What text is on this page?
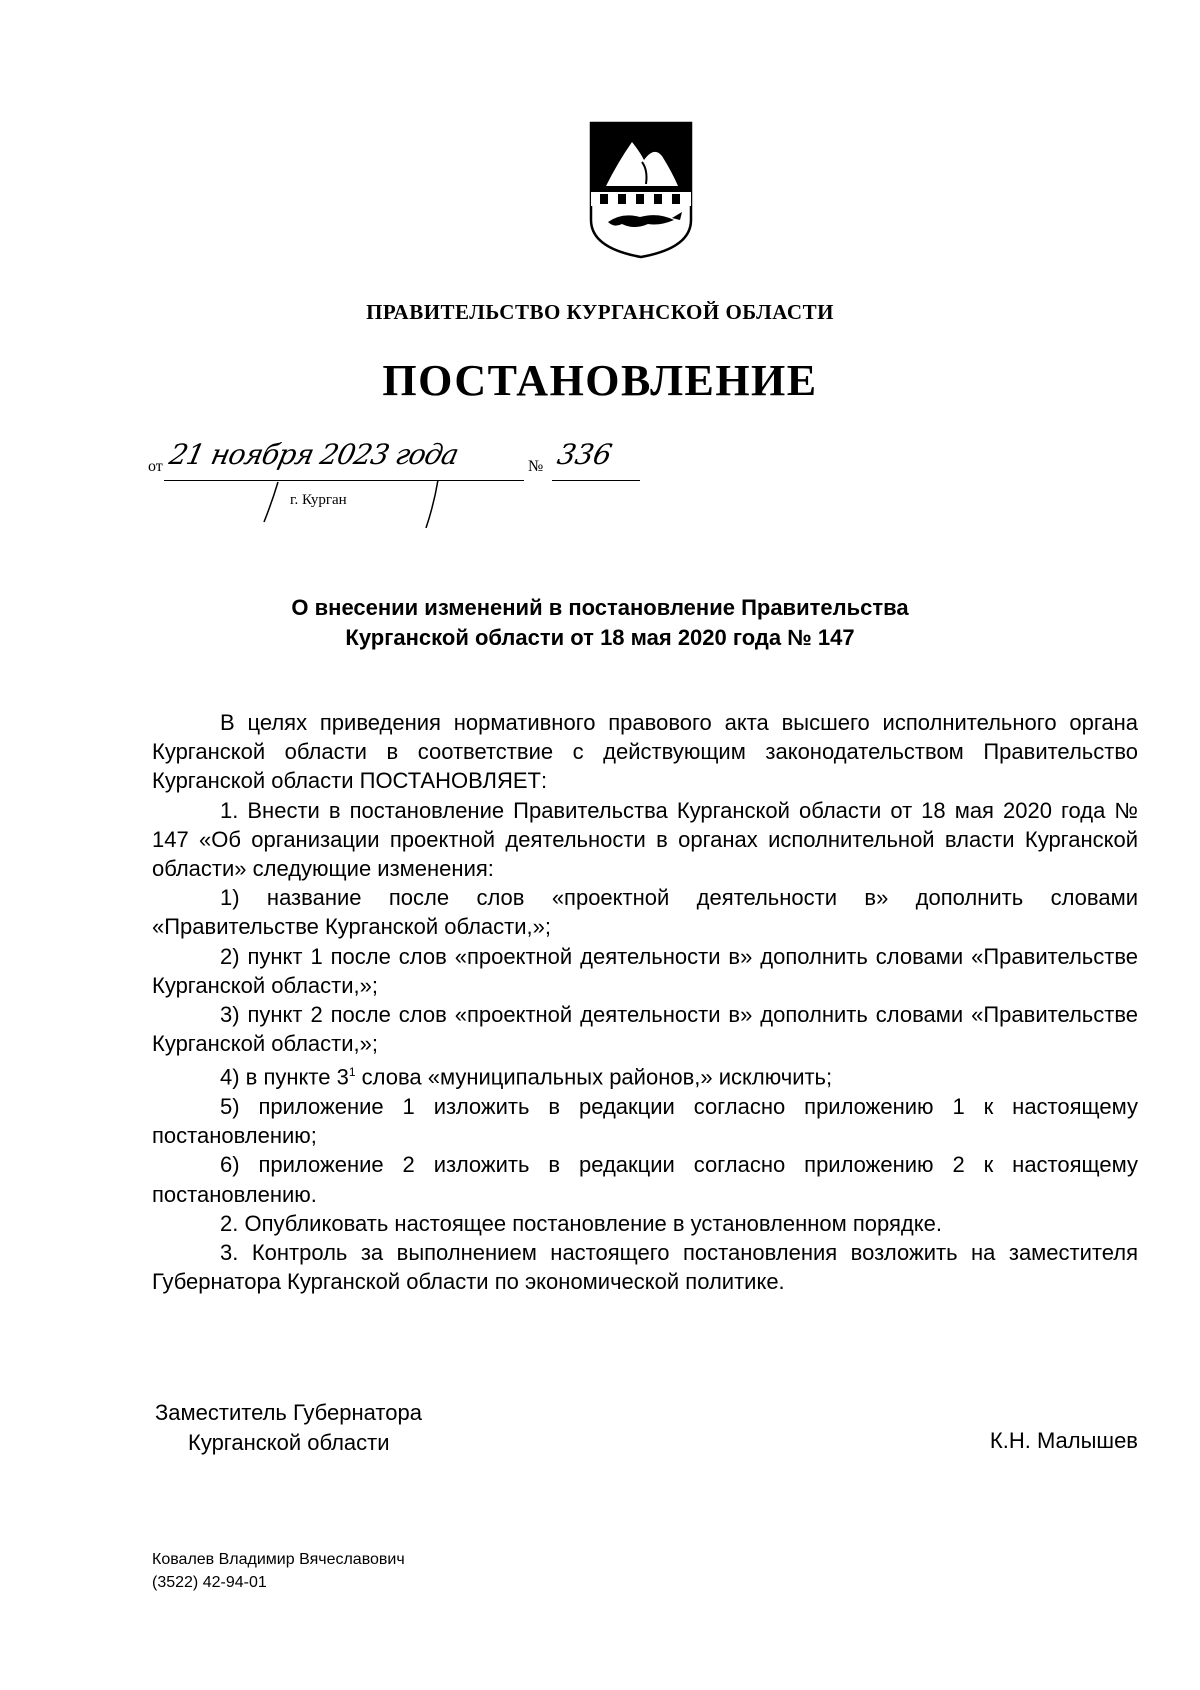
ПРАВИТЕЛЬСТВО КУРГАНСКОЙ ОБЛАСТИ
ПОСТАНОВЛЕНИЕ
от 21 ноября 2023 года	№ 336
г. Курган
О внесении изменений в постановление Правительства
Курганской области от 18 мая 2020 года № 147

В целях приведения нормативного правового акта высшего исполнительного органа Курганской области в соответствие с действующим законодательством Правительство Курганской области ПОСТАНОВЛЯЕТ:

1. Внести в постановление Правительства Курганской области от 18 мая 2020 года № 147 «Об организации проектной деятельности в органах исполнительной власти Курганской области» следующие изменения:

1) название после слов «проектной деятельности в» дополнить словами «Правительстве Курганской области,»;

2) пункт 1 после слов «проектной деятельности в» дополнить словами «Правительстве Курганской области,»;

3) пункт 2 после слов «проектной деятельности в» дополнить словами «Правительстве Курганской области,»;

4) в пункте $3^1$ слова «муниципальных районов,» исключить;

5) приложение 1 изложить в редакции согласно приложению 1 к настоящему постановлению;

6) приложение 2 изложить в редакции согласно приложению 2 к настоящему постановлению.

2. Опубликовать настоящее постановление в установленном порядке.

3. Контроль за выполнением настоящего постановления возложить на заместителя Губернатора Курганской области по экономической политике.

Заместитель Губернатора
Курганской области	К.Н. Малышев
Ковалев Владимир Вячеславович
(3522) 42-94-01
